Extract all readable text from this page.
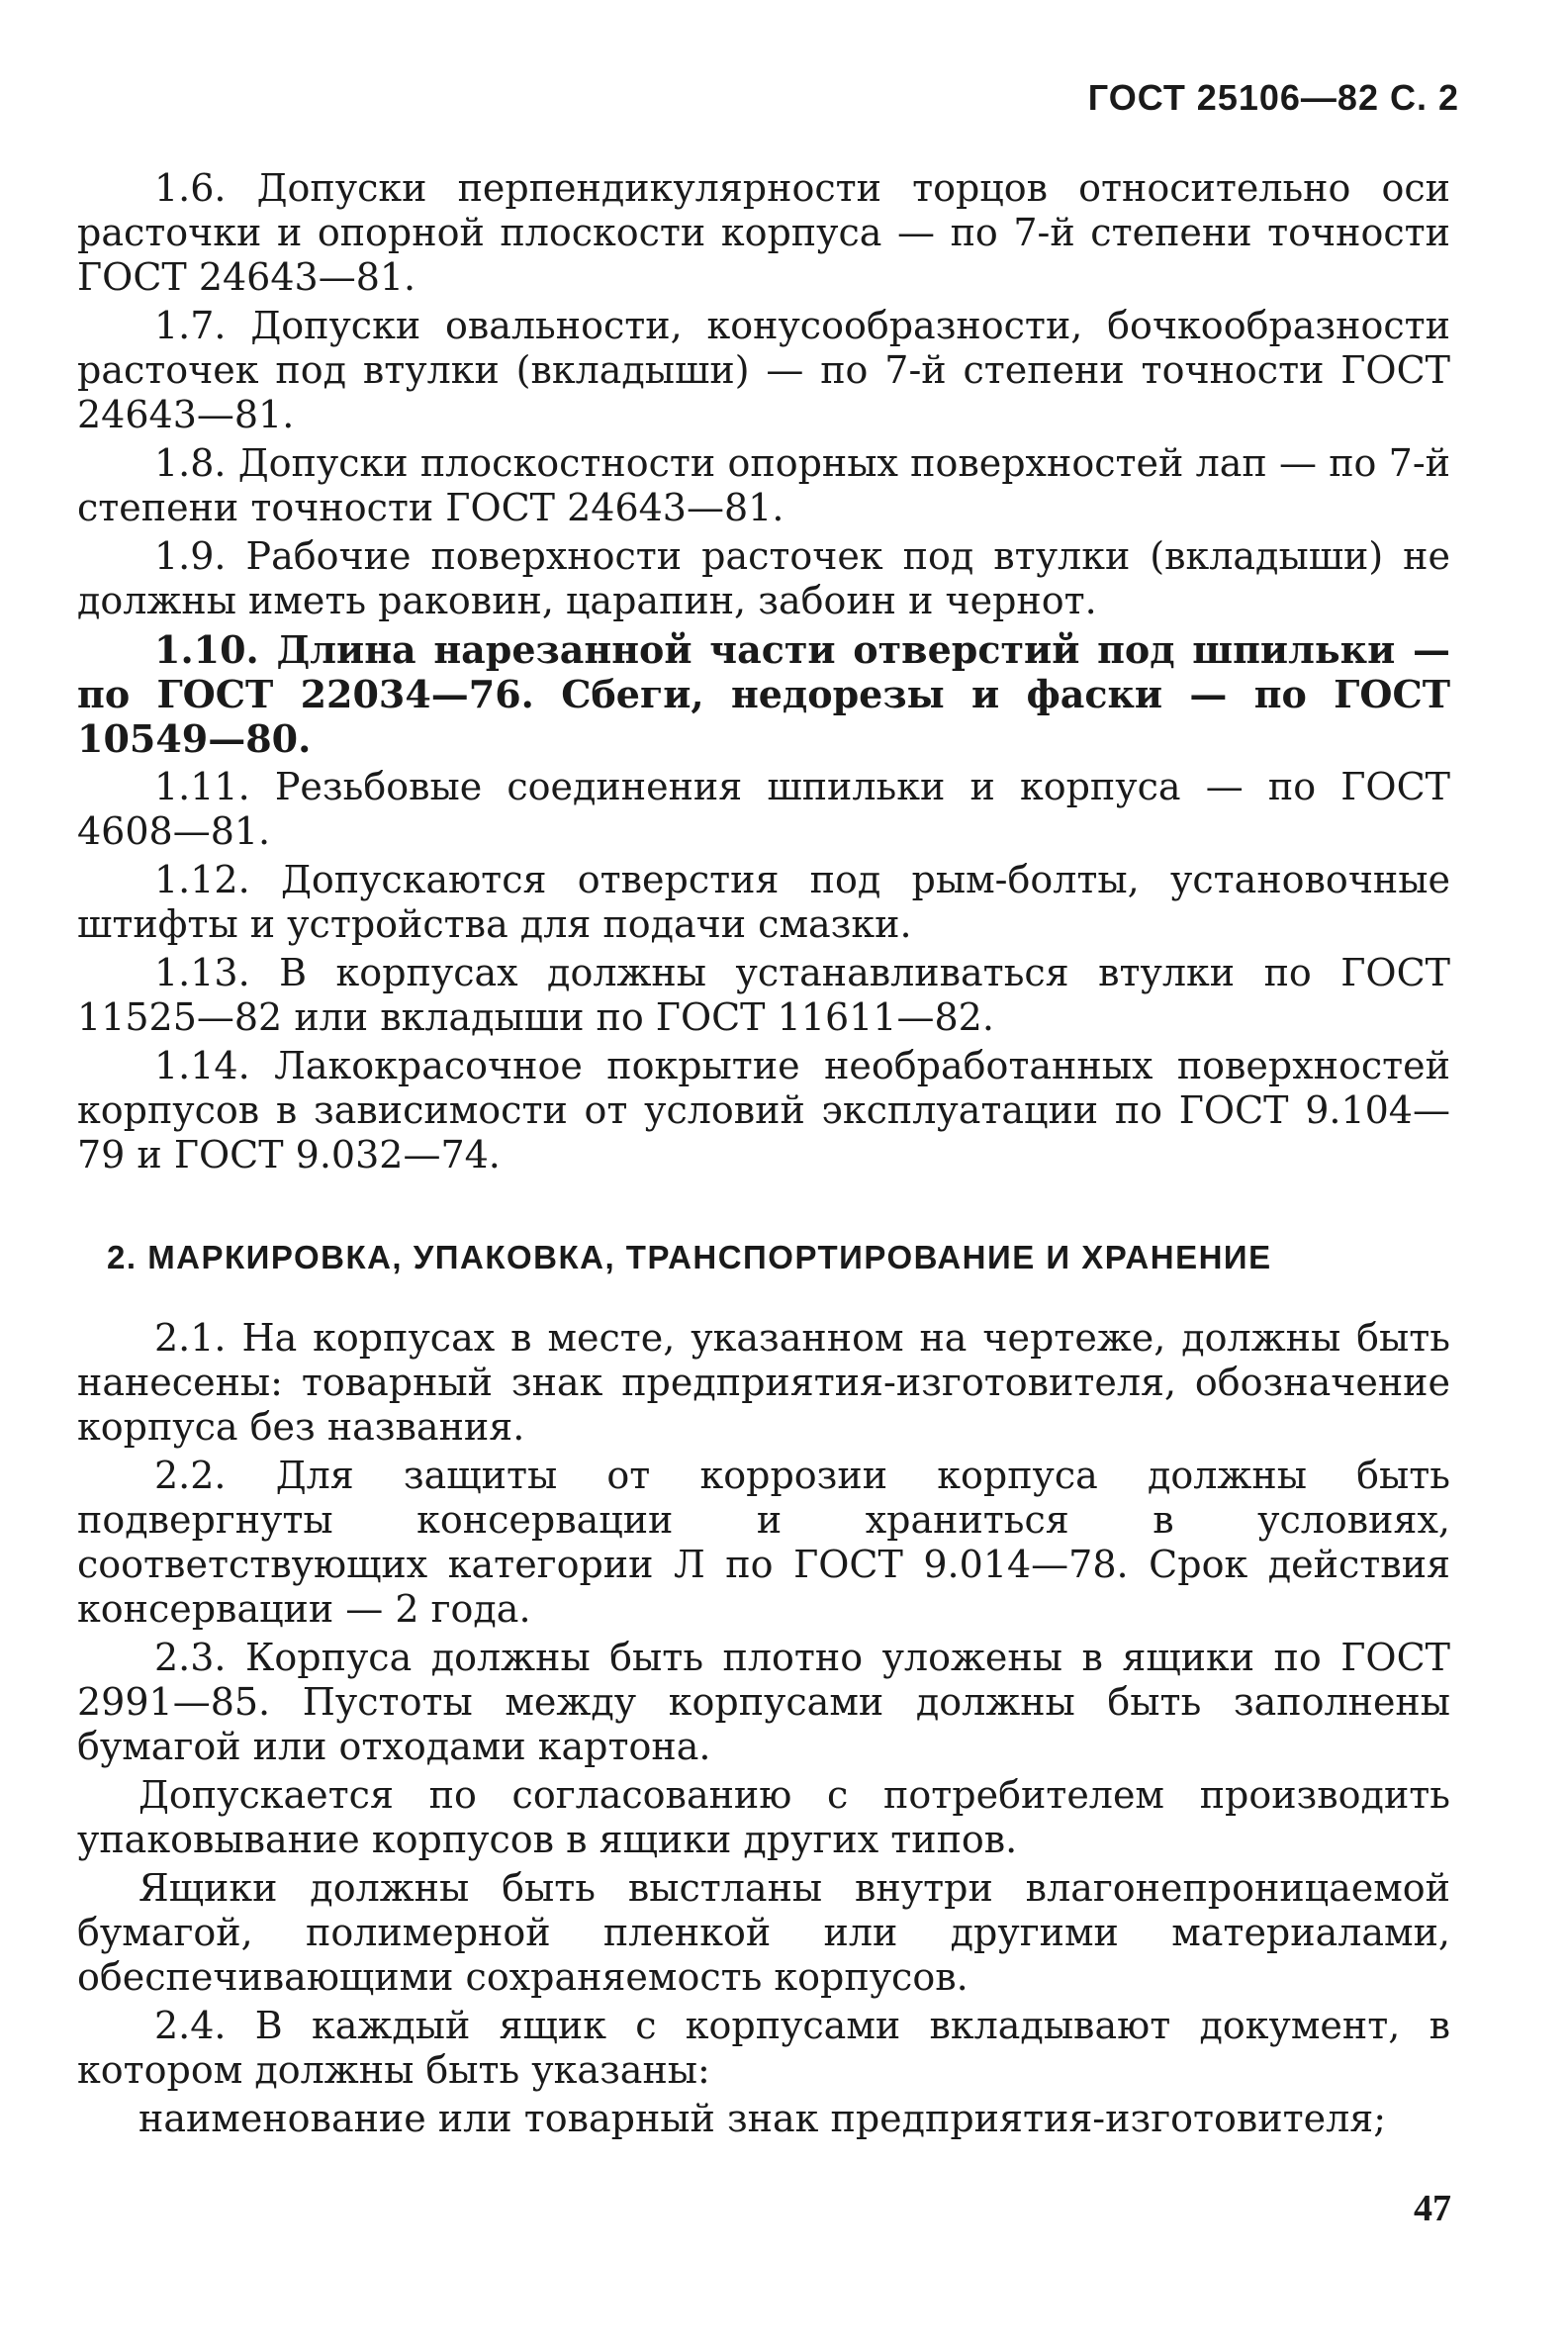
ГОСТ 25106—82 С. 2

1.6. Допуски перпендикулярности торцов относительно оси расточки и опорной плоскости корпуса — по 7-й степени точности ГОСТ 24643—81.

1.7. Допуски овальности, конусообразности, бочкообразности расточек под втулки (вкладыши) — по 7-й степени точности ГОСТ 24643—81.

1.8. Допуски плоскостности опорных поверхностей лап — по 7-й степени точности ГОСТ 24643—81.

1.9. Рабочие поверхности расточек под втулки (вкладыши) не должны иметь раковин, царапин, забоин и чернот.

1.10. Длина нарезанной части отверстий под шпильки — по ГОСТ 22034—76. Сбеги, недорезы и фаски — по ГОСТ 10549—80.

1.11. Резьбовые соединения шпильки и корпуса — по ГОСТ 4608—81.

1.12. Допускаются отверстия под рым-болты, установочные штифты и устройства для подачи смазки.

1.13. В корпусах должны устанавливаться втулки по ГОСТ 11525—82 или вкладыши по ГОСТ 11611—82.

1.14. Лакокрасочное покрытие необработанных поверхностей корпусов в зависимости от условий эксплуатации по ГОСТ 9.104—79 и ГОСТ 9.032—74.

2. МАРКИРОВКА, УПАКОВКА, ТРАНСПОРТИРОВАНИЕ И ХРАНЕНИЕ

2.1. На корпусах в месте, указанном на чертеже, должны быть нанесены: товарный знак предприятия-изготовителя, обозначение корпуса без названия.

2.2. Для защиты от коррозии корпуса должны быть подвергнуты консервации и храниться в условиях, соответствующих категории Л по ГОСТ 9.014—78. Срок действия консервации — 2 года.

2.3. Корпуса должны быть плотно уложены в ящики по ГОСТ 2991—85. Пустоты между корпусами должны быть заполнены бумагой или отходами картона.

Допускается по согласованию с потребителем производить упаковывание корпусов в ящики других типов.

Ящики должны быть выстланы внутри влагонепроницаемой бумагой, полимерной пленкой или другими материалами, обеспечивающими сохраняемость корпусов.

2.4. В каждый ящик с корпусами вкладывают документ, в котором должны быть указаны:

наименование или товарный знак предприятия-изготовителя;

47
